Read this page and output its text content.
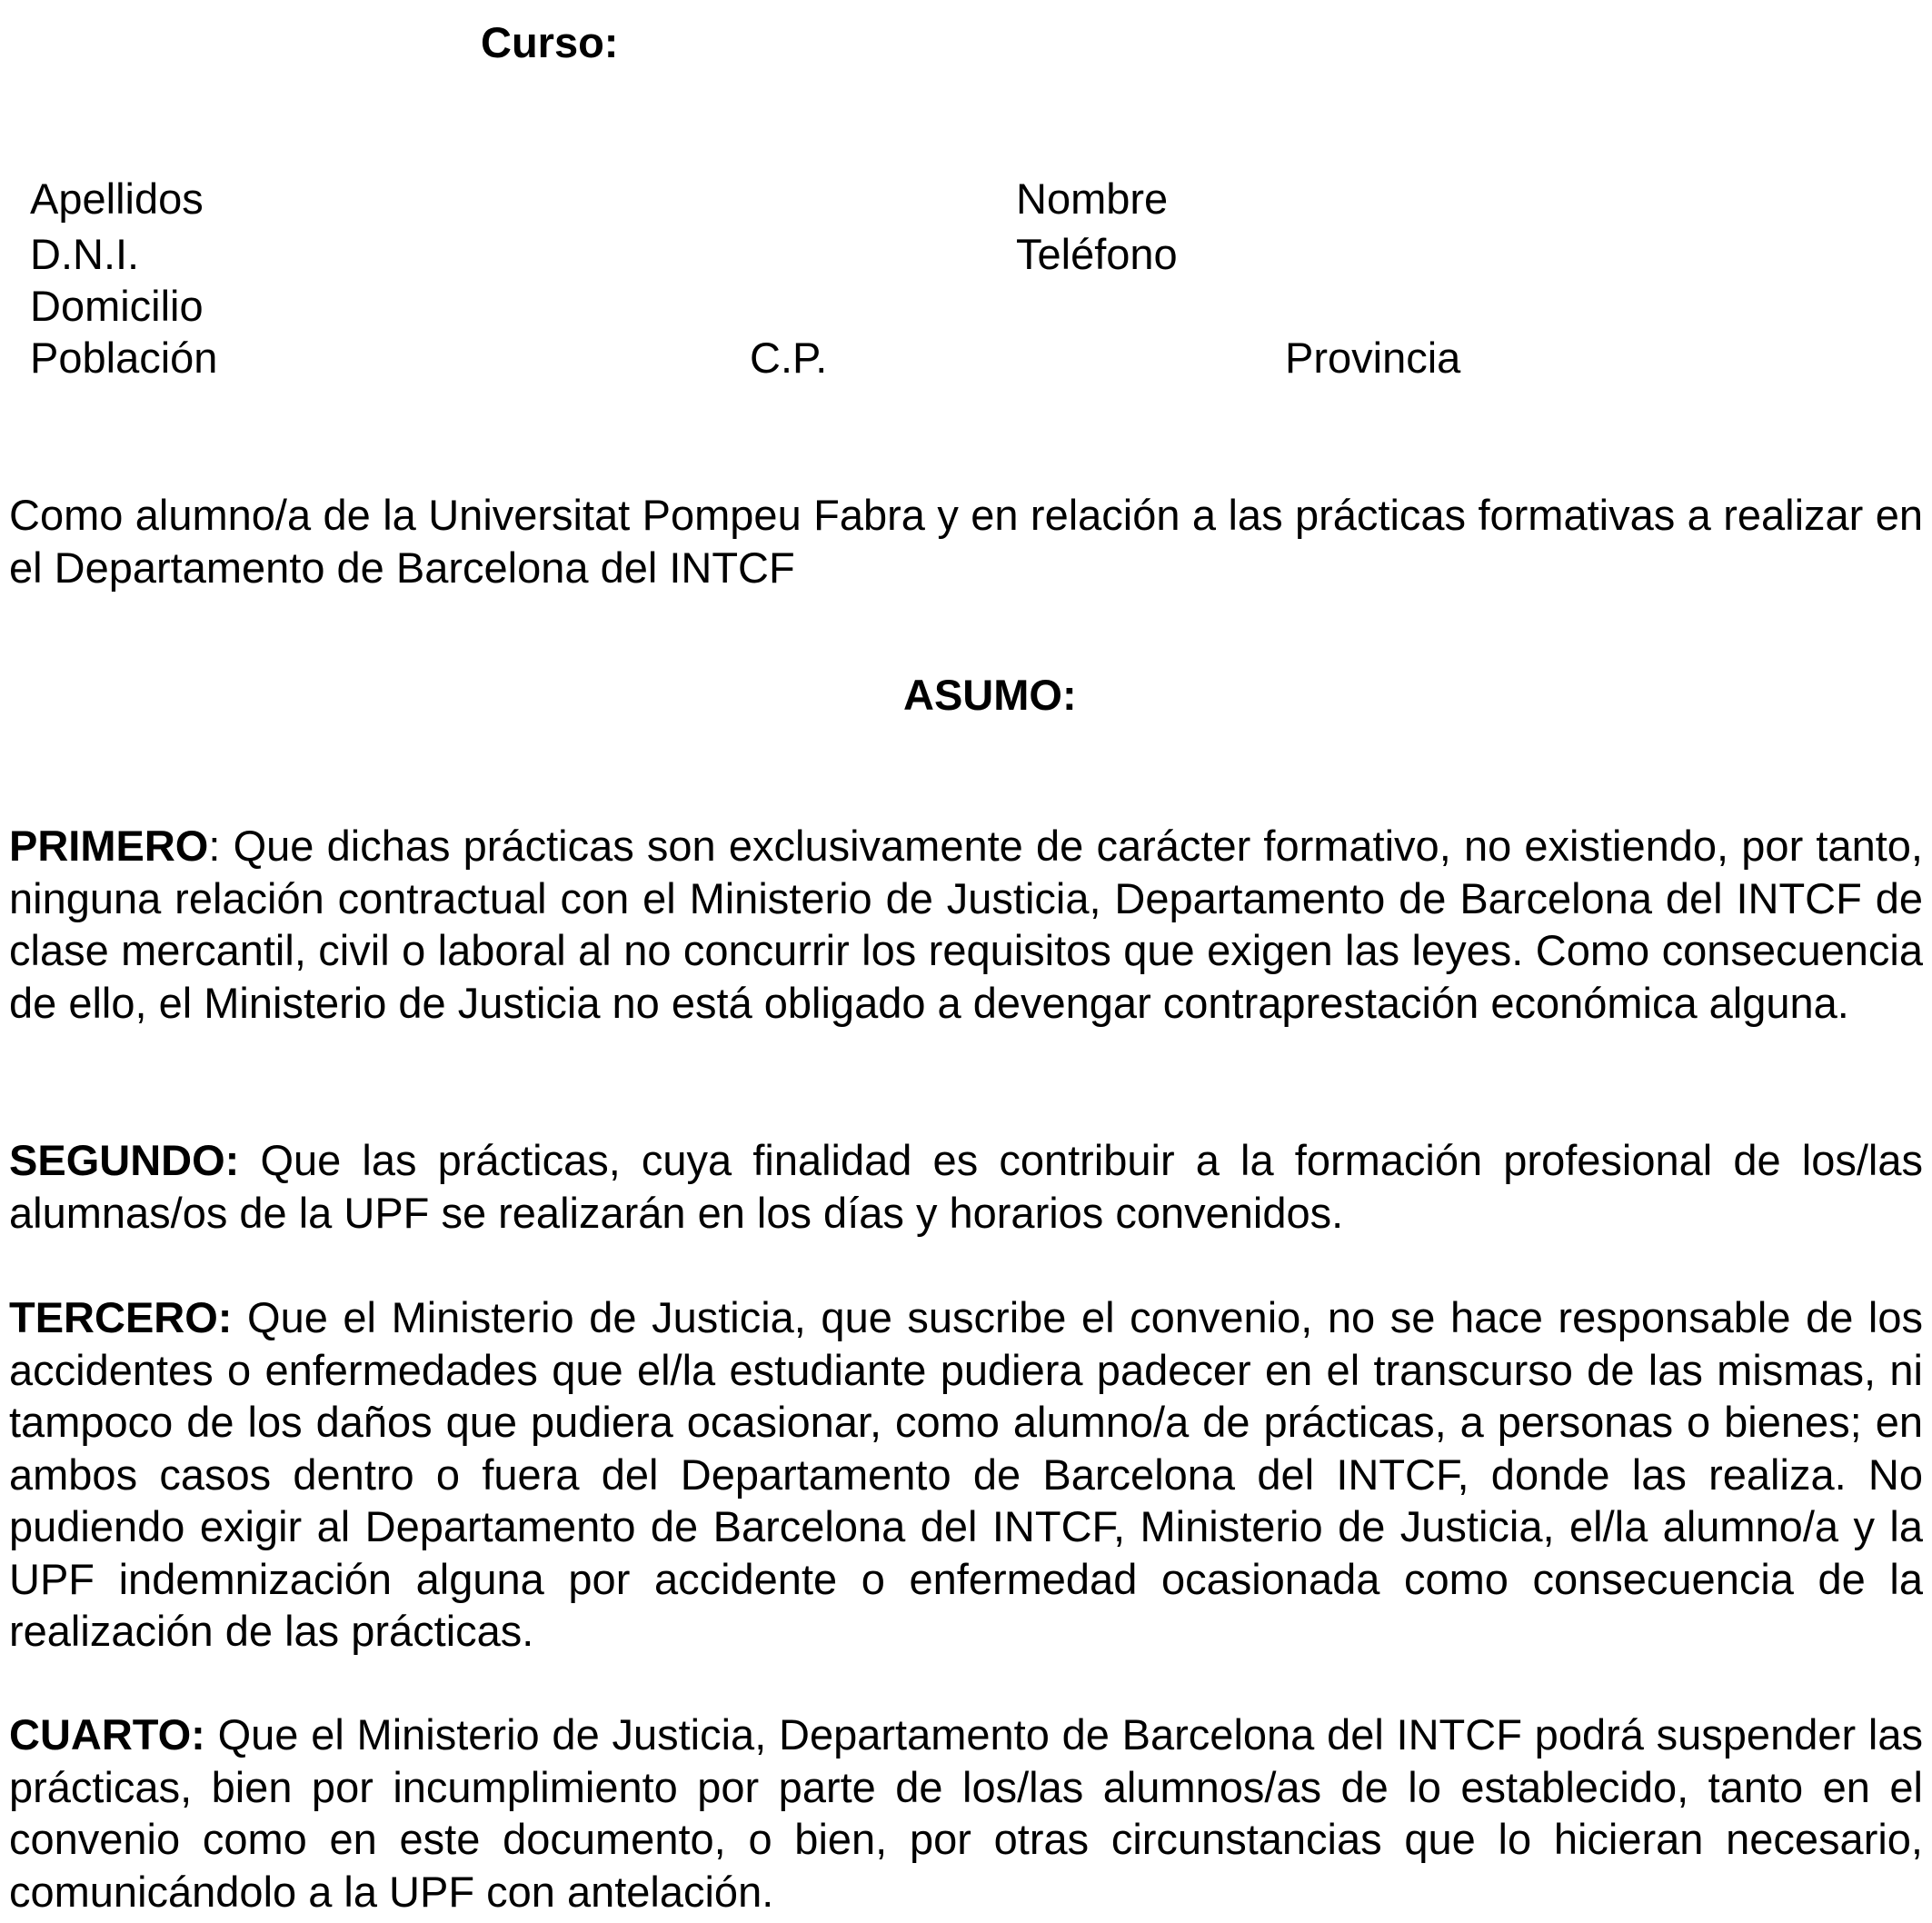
Curso:
Apellidos	Nombre
D.N.I.	Teléfono
Domicilio
Población	C.P.	Provincia

Como alumno/a de la Universitat Pompeu Fabra y en relación a las prácticas formativas a realizar en el Departamento de Barcelona del INTCF

ASUMO:

PRIMERO: Que dichas prácticas son exclusivamente de carácter formativo, no existiendo, por tanto, ninguna relación contractual con el Ministerio de Justicia, Departamento de Barcelona del INTCF de clase mercantil, civil o laboral al no concurrir los requisitos que exigen las leyes. Como consecuencia de ello, el Ministerio de Justicia no está obligado a devengar contraprestación económica alguna.

SEGUNDO: Que las prácticas, cuya finalidad es contribuir a la formación profesional de los/las alumnas/os de la UPF se realizarán en los días y horarios convenidos.

TERCERO: Que el Ministerio de Justicia, que suscribe el convenio, no se hace responsable de los accidentes o enfermedades que el/la estudiante pudiera padecer en el transcurso de las mismas, ni tampoco de los daños que pudiera ocasionar, como alumno/a de prácticas, a personas o bienes; en ambos casos dentro o fuera del Departamento de Barcelona del INTCF, donde las realiza. No pudiendo exigir al Departamento de Barcelona del INTCF, Ministerio de Justicia, el/la alumno/a y la UPF indemnización alguna por accidente o enfermedad ocasionada como consecuencia de la realización de las prácticas.

CUARTO: Que el Ministerio de Justicia, Departamento de Barcelona del INTCF podrá suspender las prácticas, bien por incumplimiento por parte de los/las alumnos/as de lo establecido, tanto en el convenio como en este documento, o bien, por otras circunstancias que lo hicieran necesario, comunicándolo a la UPF con antelación.
